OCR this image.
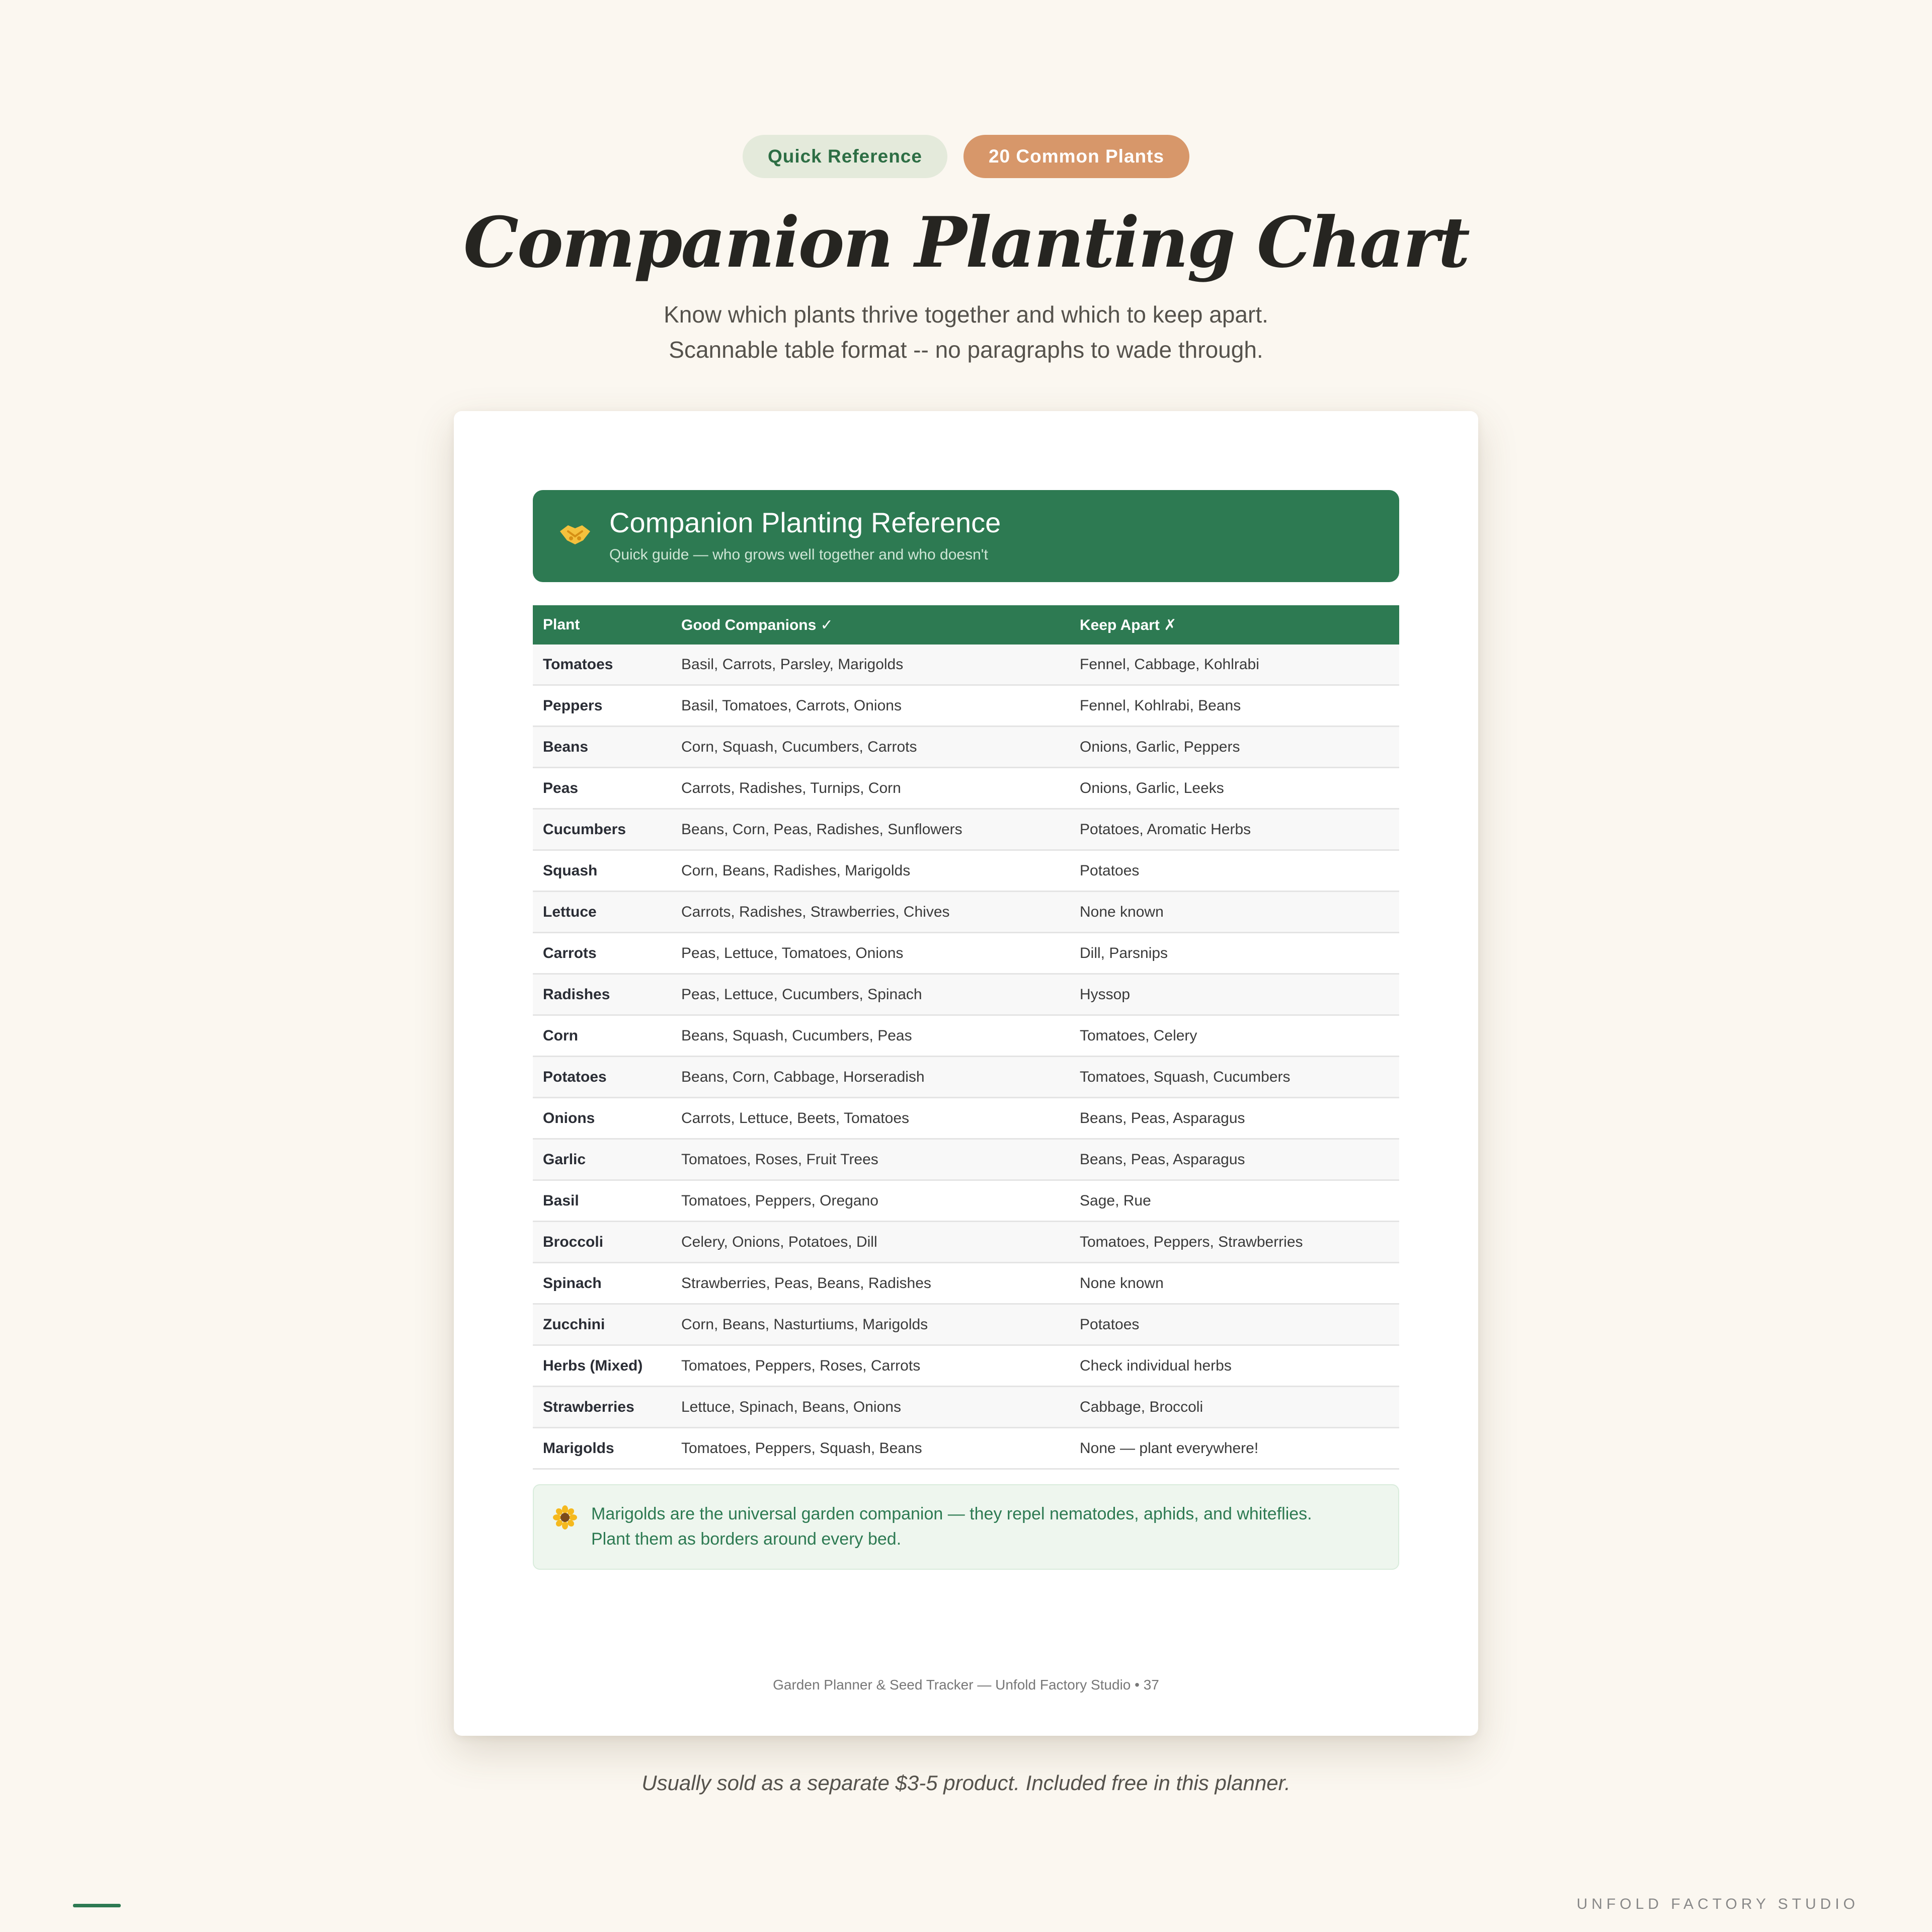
Quick Reference	20 Common Plants
Companion Planting Chart
Know which plants thrive together and which to keep apart.
Scannable table format -- no paragraphs to wade through.
Companion Planting Reference
Quick guide — who grows well together and who doesn't
Plant	Good Companions ✓	Keep Apart ✗
Tomatoes	Basil, Carrots, Parsley, Marigolds	Fennel, Cabbage, Kohlrabi
Peppers	Basil, Tomatoes, Carrots, Onions	Fennel, Kohlrabi, Beans
Beans	Corn, Squash, Cucumbers, Carrots	Onions, Garlic, Peppers
Peas	Carrots, Radishes, Turnips, Corn	Onions, Garlic, Leeks
Cucumbers	Beans, Corn, Peas, Radishes, Sunflowers	Potatoes, Aromatic Herbs
Squash	Corn, Beans, Radishes, Marigolds	Potatoes
Lettuce	Carrots, Radishes, Strawberries, Chives	None known
Carrots	Peas, Lettuce, Tomatoes, Onions	Dill, Parsnips
Radishes	Peas, Lettuce, Cucumbers, Spinach	Hyssop
Corn	Beans, Squash, Cucumbers, Peas	Tomatoes, Celery
Potatoes	Beans, Corn, Cabbage, Horseradish	Tomatoes, Squash, Cucumbers
Onions	Carrots, Lettuce, Beets, Tomatoes	Beans, Peas, Asparagus
Garlic	Tomatoes, Roses, Fruit Trees	Beans, Peas, Asparagus
Basil	Tomatoes, Peppers, Oregano	Sage, Rue
Broccoli	Celery, Onions, Potatoes, Dill	Tomatoes, Peppers, Strawberries
Spinach	Strawberries, Peas, Beans, Radishes	None known
Zucchini	Corn, Beans, Nasturtiums, Marigolds	Potatoes
Herbs (Mixed)	Tomatoes, Peppers, Roses, Carrots	Check individual herbs
Strawberries	Lettuce, Spinach, Beans, Onions	Cabbage, Broccoli
Marigolds	Tomatoes, Peppers, Squash, Beans	None — plant everywhere!
Marigolds are the universal garden companion — they repel nematodes, aphids, and whiteflies.
Plant them as borders around every bed.
Garden Planner & Seed Tracker — Unfold Factory Studio • 37
Usually sold as a separate $3-5 product. Included free in this planner.
UNFOLD FACTORY STUDIO
